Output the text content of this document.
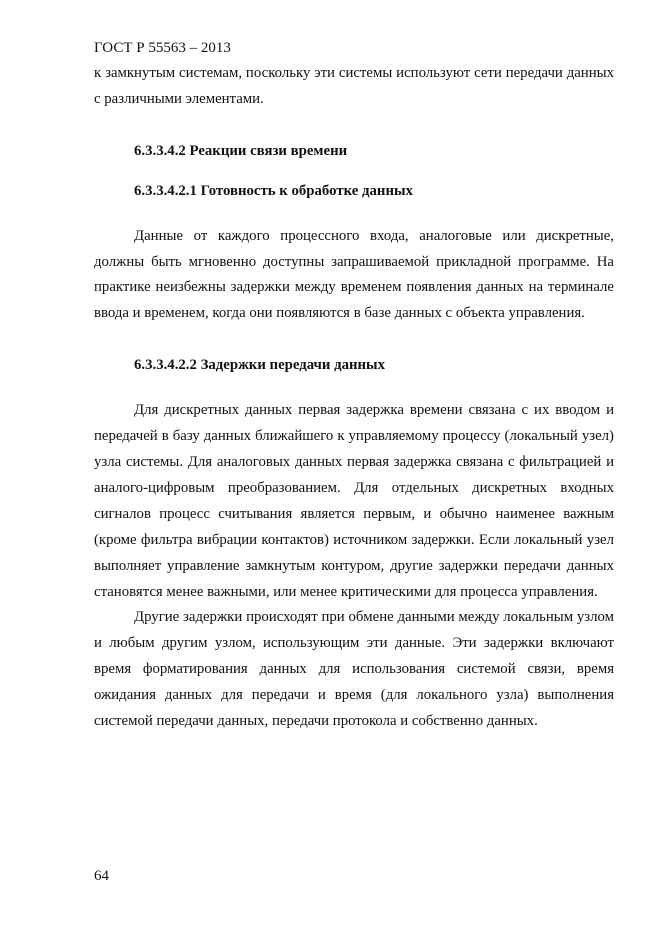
ГОСТ Р 55563 – 2013

к замкнутым системам, поскольку эти системы используют сети передачи данных с различными элементами.

6.3.3.4.2 Реакции связи времени
6.3.3.4.2.1 Готовность к обработке данных

Данные от каждого процессного входа, аналоговые или дискретные, должны быть мгновенно доступны запрашиваемой прикладной программе. На практике неизбежны задержки между временем появления данных на терминале ввода и временем, когда они появляются в базе данных с объекта управления.

6.3.3.4.2.2 Задержки передачи данных

Для дискретных данных первая задержка времени связана с их вводом и передачей в базу данных ближайшего к управляемому процессу (локальный узел) узла системы. Для аналоговых данных первая задержка связана с фильтрацией и аналого-цифровым преобразованием. Для отдельных дискретных входных сигналов процесс считывания является первым, и обычно наименее важным (кроме фильтра вибрации контактов) источником задержки. Если локальный узел выполняет управление замкнутым контуром, другие задержки передачи данных становятся менее важными, или менее критическими для процесса управления.

Другие задержки происходят при обмене данными между локальным узлом и любым другим узлом, использующим эти данные. Эти задержки включают время форматирования данных для использования системой связи, время ожидания данных для передачи и время (для локального узла) выполнения системой передачи данных, передачи протокола и собственно данных.

64
